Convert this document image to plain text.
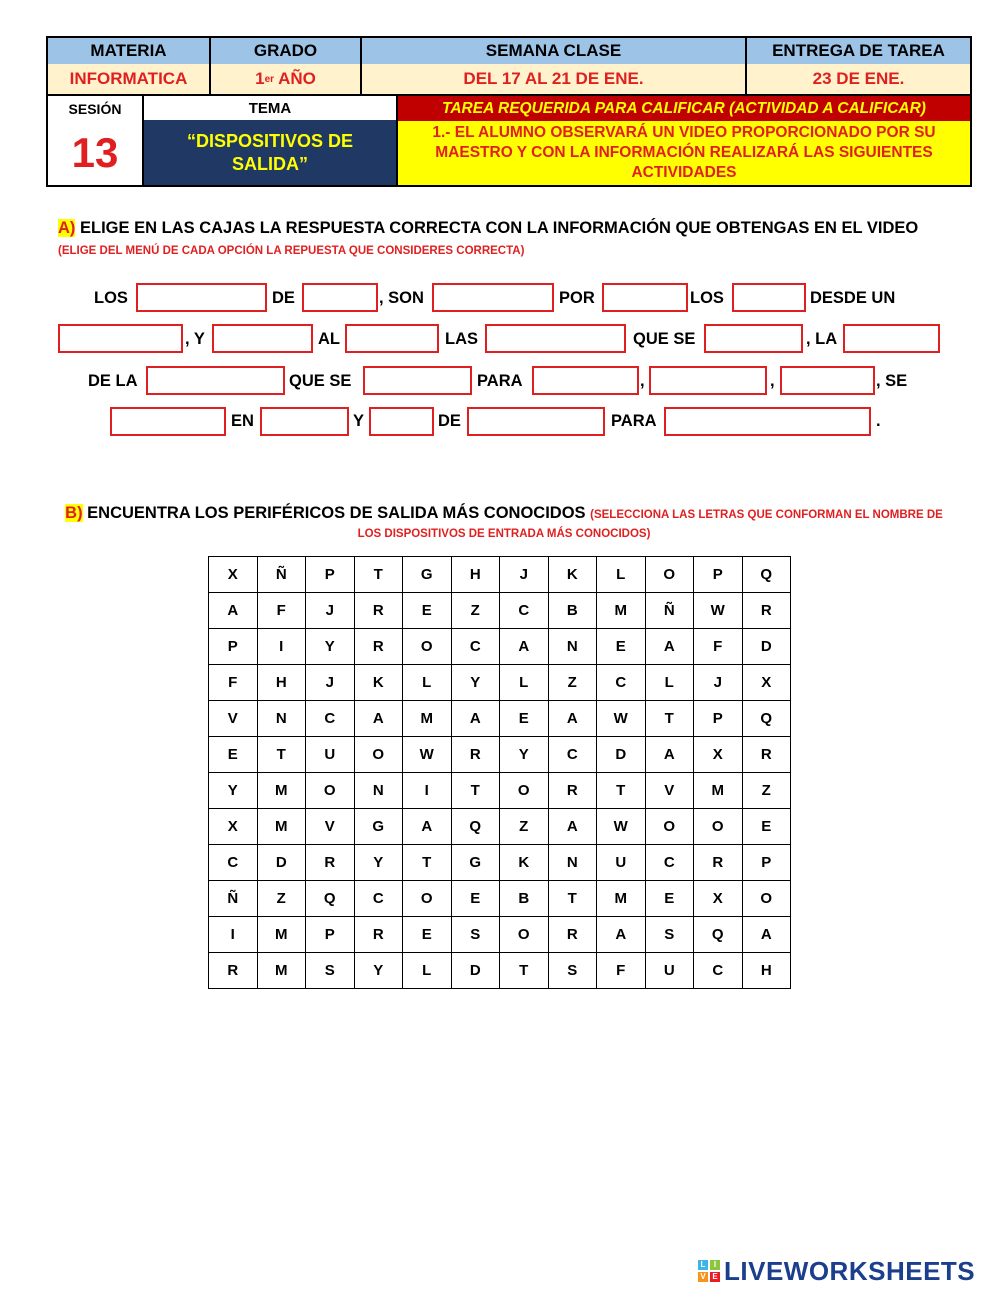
MATERIA	GRADO	SEMANA CLASE	ENTREGA DE TAREA
INFORMATICA	1 er AÑO	DEL 17 AL 21 DE ENE.	23 DE ENE.
SESIÓN
13
TEMA
“DISPOSITIVOS DE SALIDA”
TAREA REQUERIDA PARA CALIFICAR (ACTIVIDAD A CALIFICAR)
1.- EL ALUMNO OBSERVARÁ UN VIDEO PROPORCIONADO POR SU MAESTRO Y CON LA INFORMACIÓN REALIZARÁ LAS SIGUIENTES ACTIVIDADES
A) ELIGE EN LAS CAJAS LA RESPUESTA CORRECTA CON LA INFORMACIÓN QUE OBTENGAS EN EL VIDEO (ELIGE DEL MENÚ DE CADA OPCIÓN LA REPUESTA QUE CONSIDERES CORRECTA)
LOS	DE	, SON	POR	LOS	DESDE UN
, Y	AL	LAS	QUE SE	, LA
DE LA	QUE SE	PARA	,	,	, SE
EN	Y	DE	PARA	.
B) ENCUENTRA LOS PERIFÉRICOS DE SALIDA MÁS CONOCIDOS (SELECCIONA LAS LETRAS QUE CONFORMAN EL NOMBRE DE LOS DISPOSITIVOS DE ENTRADA MÁS CONOCIDOS)
X	Ñ	P	T	G	H	J	K	L	O	P	Q
A	F	J	R	E	Z	C	B	M	Ñ	W	R
P	I	Y	R	O	C	A	N	E	A	F	D
F	H	J	K	L	Y	L	Z	C	L	J	X
V	N	C	A	M	A	E	A	W	T	P	Q
E	T	U	O	W	R	Y	C	D	A	X	R
Y	M	O	N	I	T	O	R	T	V	M	Z
X	M	V	G	A	Q	Z	A	W	O	O	E
C	D	R	Y	T	G	K	N	U	C	R	P
Ñ	Z	Q	C	O	E	B	T	M	E	X	O
I	M	P	R	E	S	O	R	A	S	Q	A
R	M	S	Y	L	D	T	S	F	U	C	H
L	I
V E LIVEWORKSHEETS
